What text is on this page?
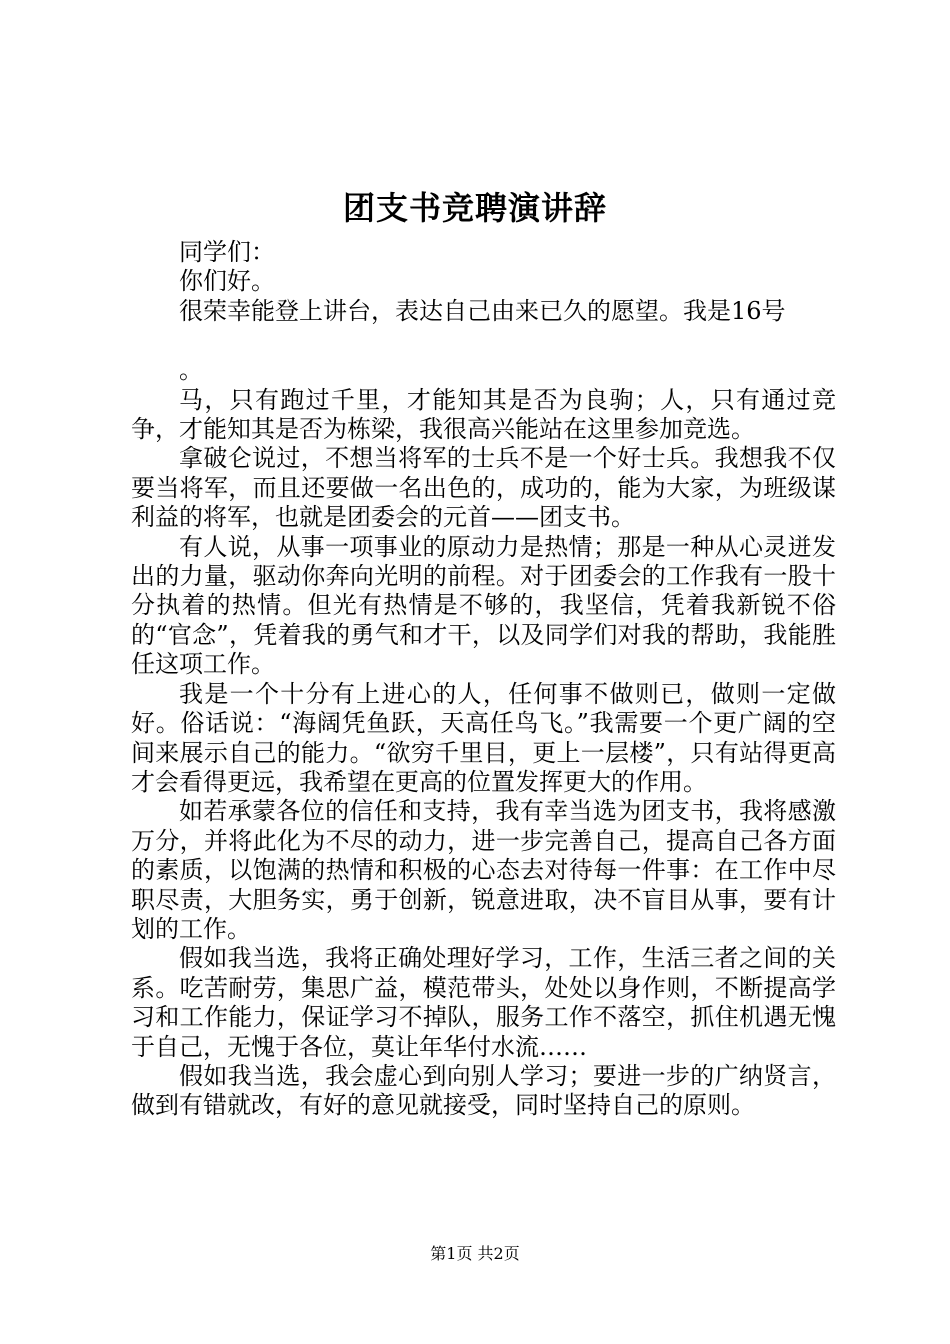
团支书竞聘演讲辞

同学们：

你们好。

很荣幸能登上讲台，表达自己由来已久的愿望。我是16号

。

马，只有跑过千里，才能知其是否为良驹；人，只有通过竞争，才能知其是否为栋梁，我很高兴能站在这里参加竞选。

拿破仑说过，不想当将军的士兵不是一个好士兵。我想我不仅要当将军，而且还要做一名出色的，成功的，能为大家，为班级谋利益的将军，也就是团委会的元首——团支书。

有人说，从事一项事业的原动力是热情；那是一种从心灵迸发出的力量，驱动你奔向光明的前程。对于团委会的工作我有一股十分执着的热情。但光有热情是不够的，我坚信，凭着我新锐不俗的“官念”，凭着我的勇气和才干，以及同学们对我的帮助，我能胜任这项工作。

我是一个十分有上进心的人，任何事不做则已，做则一定做好。俗话说：“海阔凭鱼跃，天高任鸟飞。”我需要一个更广阔的空间来展示自己的能力。“欲穷千里目，更上一层楼”，只有站得更高才会看得更远，我希望在更高的位置发挥更大的作用。

如若承蒙各位的信任和支持，我有幸当选为团支书，我将感激万分，并将此化为不尽的动力，进一步完善自己，提高自己各方面的素质，以饱满的热情和积极的心态去对待每一件事：在工作中尽职尽责，大胆务实，勇于创新，锐意进取，决不盲目从事，要有计划的工作。

假如我当选，我将正确处理好学习，工作，生活三者之间的关系。吃苦耐劳，集思广益，模范带头，处处以身作则，不断提高学习和工作能力，保证学习不掉队，服务工作不落空，抓住机遇无愧于自己，无愧于各位，莫让年华付水流……

假如我当选，我会虚心到向别人学习；要进一步的广纳贤言，做到有错就改，有好的意见就接受，同时坚持自己的原则。

第1页 共2页
